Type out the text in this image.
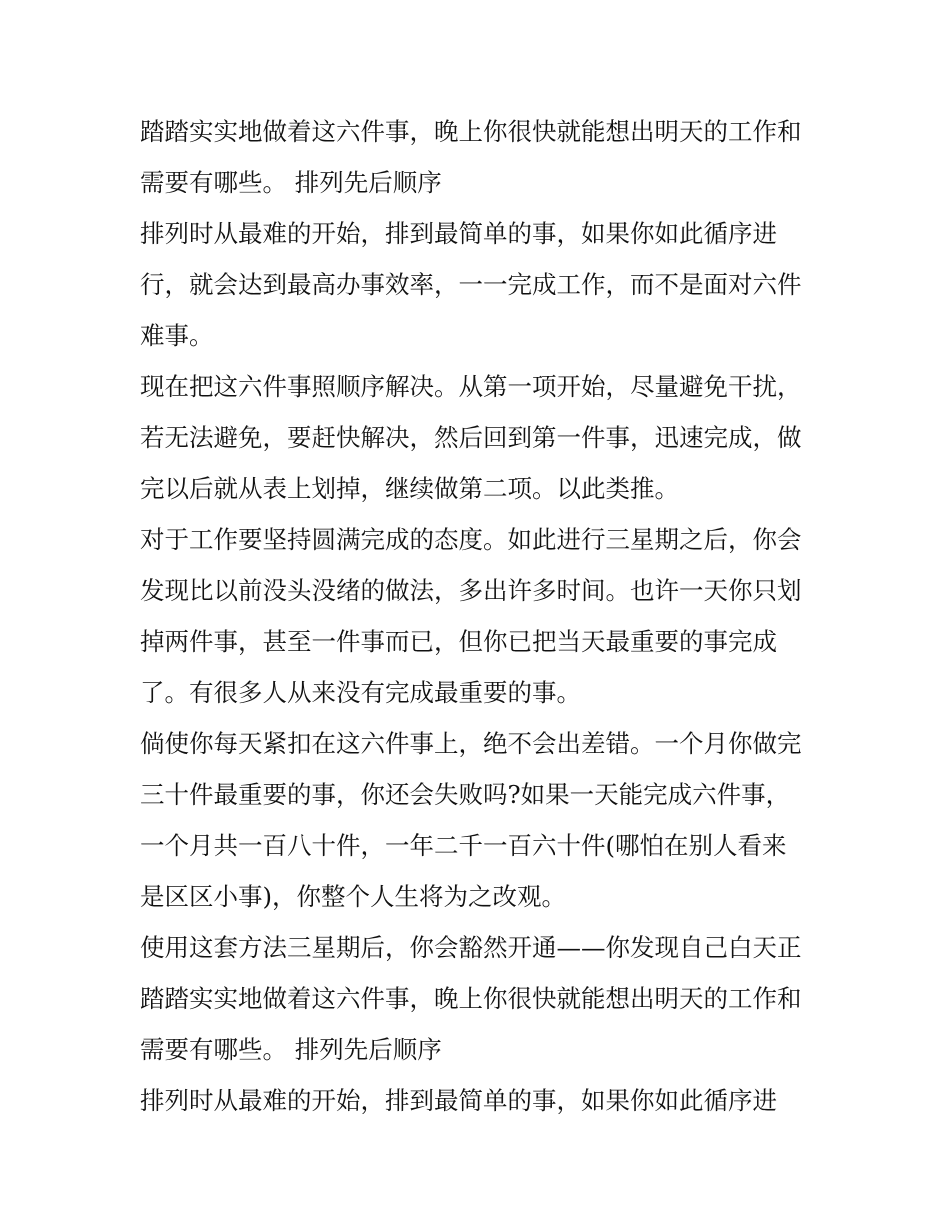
踏踏实实地做着这六件事，晚上你很快就能想出明天的工作和
需要有哪些。 排列先后顺序
排列时从最难的开始，排到最简单的事，如果你如此循序进
行，就会达到最高办事效率，一一完成工作，而不是面对六件
难事。
现在把这六件事照顺序解决。从第一项开始，尽量避免干扰，
若无法避免，要赶快解决，然后回到第一件事，迅速完成，做
完以后就从表上划掉，继续做第二项。以此类推。
对于工作要坚持圆满完成的态度。如此进行三星期之后，你会
发现比以前没头没绪的做法，多出许多时间。也许一天你只划
掉两件事，甚至一件事而已，但你已把当天最重要的事完成
了。有很多人从来没有完成最重要的事。
倘使你每天紧扣在这六件事上，绝不会出差错。一个月你做完
三十件最重要的事，你还会失败吗?如果一天能完成六件事，
一个月共一百八十件，一年二千一百六十件(哪怕在别人看来
是区区小事)，你整个人生将为之改观。
使用这套方法三星期后，你会豁然开通——你发现自己白天正
踏踏实实地做着这六件事，晚上你很快就能想出明天的工作和
需要有哪些。 排列先后顺序
排列时从最难的开始，排到最简单的事，如果你如此循序进
